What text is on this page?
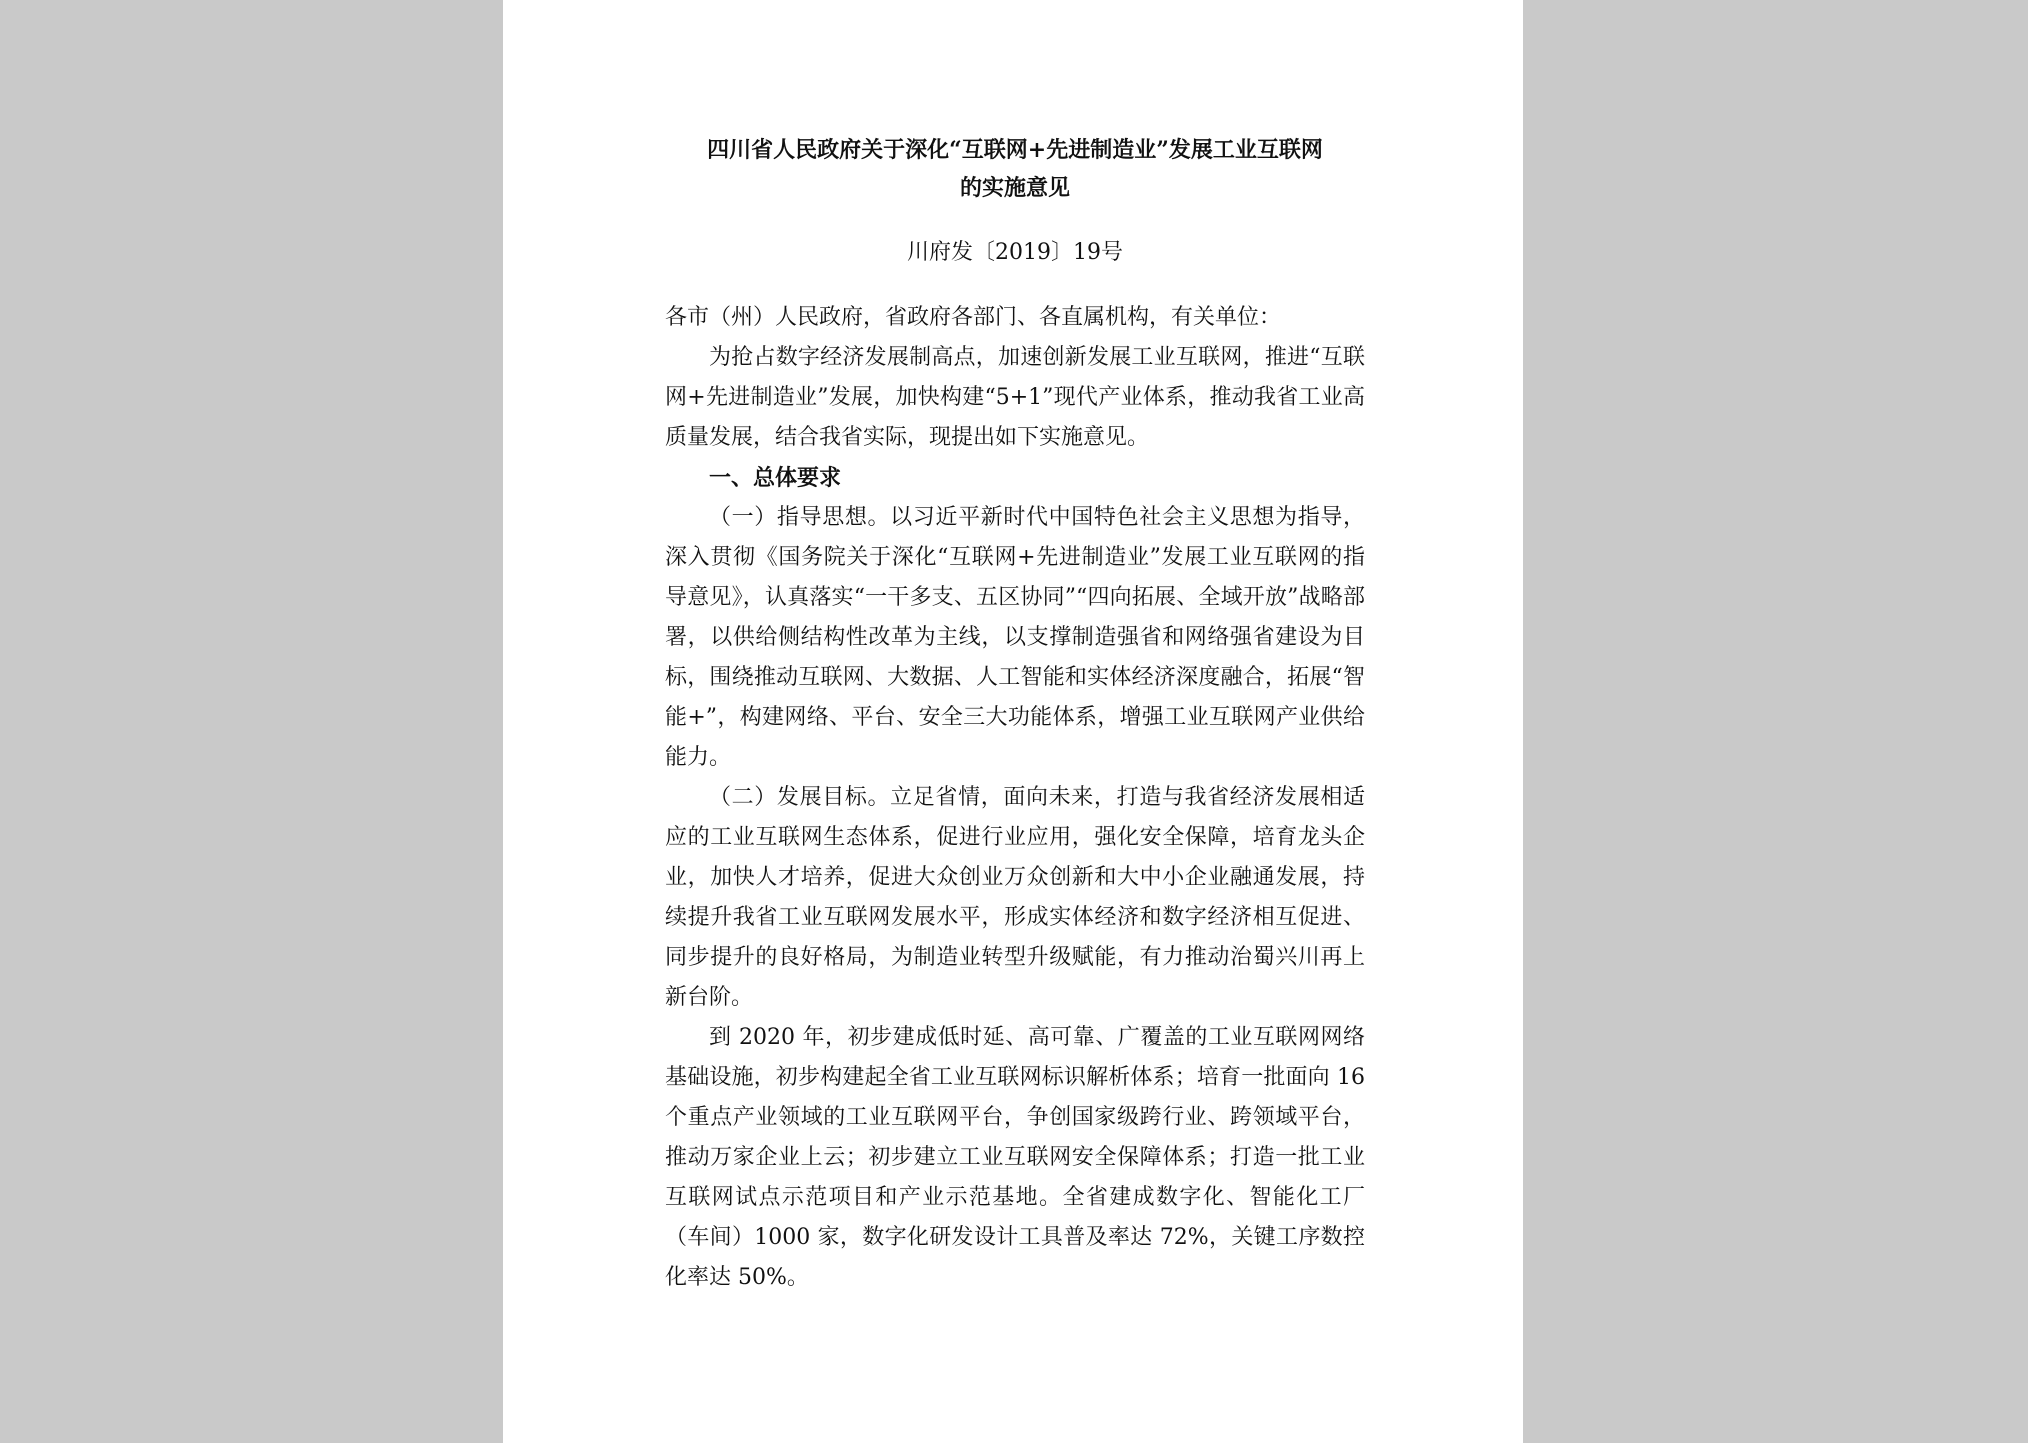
四川省人民政府关于深化“互联网+先进制造业”发展工业互联网
的实施意见

川府发〔2019〕19号

各市（州）人民政府，省政府各部门、各直属机构，有关单位：

为抢占数字经济发展制高点，加速创新发展工业互联网，推进“互联网+先进制造业”发展，加快构建“5+1”现代产业体系，推动我省工业高质量发展，结合我省实际，现提出如下实施意见。

一、总体要求

（一）指导思想。以习近平新时代中国特色社会主义思想为指导，深入贯彻《国务院关于深化“互联网+先进制造业”发展工业互联网的指导意见》，认真落实“一干多支、五区协同”“四向拓展、全域开放”战略部署，以供给侧结构性改革为主线，以支撑制造强省和网络强省建设为目标，围绕推动互联网、大数据、人工智能和实体经济深度融合，拓展“智能+”，构建网络、平台、安全三大功能体系，增强工业互联网产业供给能力。

（二）发展目标。立足省情，面向未来，打造与我省经济发展相适应的工业互联网生态体系，促进行业应用，强化安全保障，培育龙头企业，加快人才培养，促进大众创业万众创新和大中小企业融通发展，持续提升我省工业互联网发展水平，形成实体经济和数字经济相互促进、同步提升的良好格局，为制造业转型升级赋能，有力推动治蜀兴川再上新台阶。

到 2020 年，初步建成低时延、高可靠、广覆盖的工业互联网网络基础设施，初步构建起全省工业互联网标识解析体系；培育一批面向 16 个重点产业领域的工业互联网平台，争创国家级跨行业、跨领域平台，推动万家企业上云；初步建立工业互联网安全保障体系；打造一批工业互联网试点示范项目和产业示范基地。全省建成数字化、智能化工厂（车间）1000 家，数字化研发设计工具普及率达 72%，关键工序数控化率达 50%。
